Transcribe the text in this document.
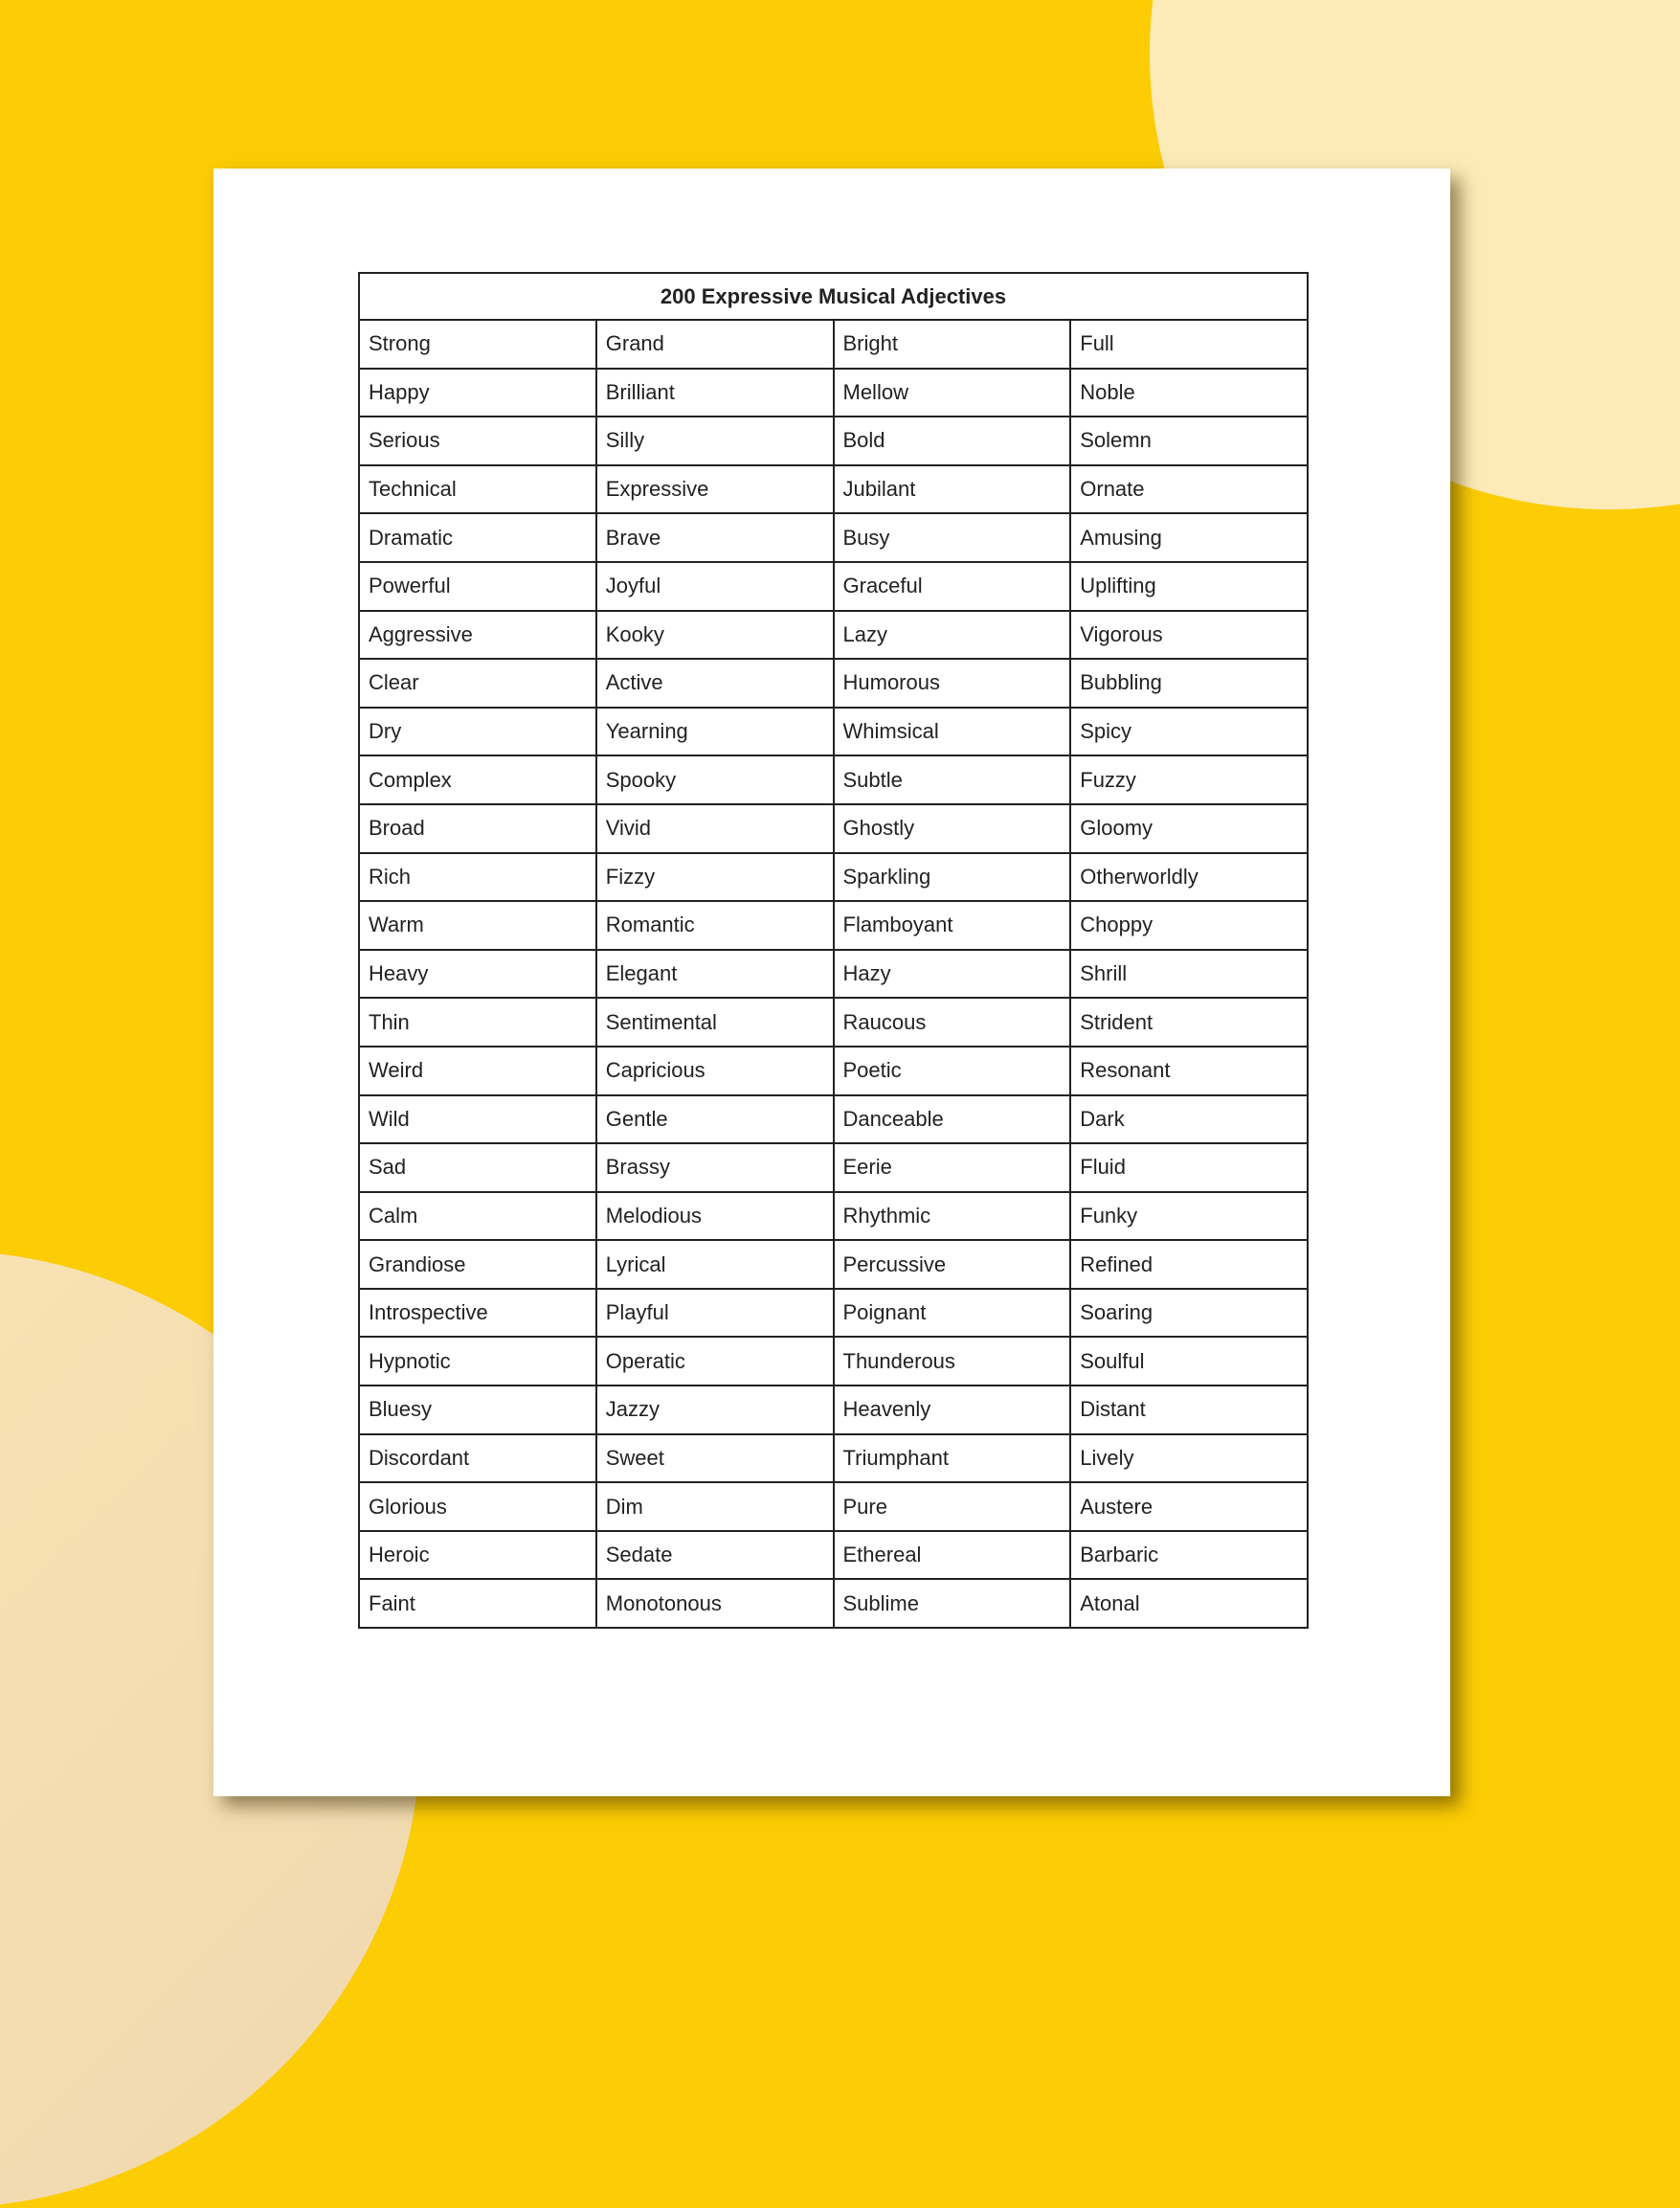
200 Expressive Musical Adjectives			
Strong	Grand	Bright	Full
Happy	Brilliant	Mellow	Noble
Serious	Silly	Bold	Solemn
Technical	Expressive	Jubilant	Ornate
Dramatic	Brave	Busy	Amusing
Powerful	Joyful	Graceful	Uplifting
Aggressive	Kooky	Lazy	Vigorous
Clear	Active	Humorous	Bubbling
Dry	Yearning	Whimsical	Spicy
Complex	Spooky	Subtle	Fuzzy
Broad	Vivid	Ghostly	Gloomy
Rich	Fizzy	Sparkling	Otherworldly
Warm	Romantic	Flamboyant	Choppy
Heavy	Elegant	Hazy	Shrill
Thin	Sentimental	Raucous	Strident
Weird	Capricious	Poetic	Resonant
Wild	Gentle	Danceable	Dark
Sad	Brassy	Eerie	Fluid
Calm	Melodious	Rhythmic	Funky
Grandiose	Lyrical	Percussive	Refined
Introspective	Playful	Poignant	Soaring
Hypnotic	Operatic	Thunderous	Soulful
Bluesy	Jazzy	Heavenly	Distant
Discordant	Sweet	Triumphant	Lively
Glorious	Dim	Pure	Austere
Heroic	Sedate	Ethereal	Barbaric
Faint	Monotonous	Sublime	Atonal
